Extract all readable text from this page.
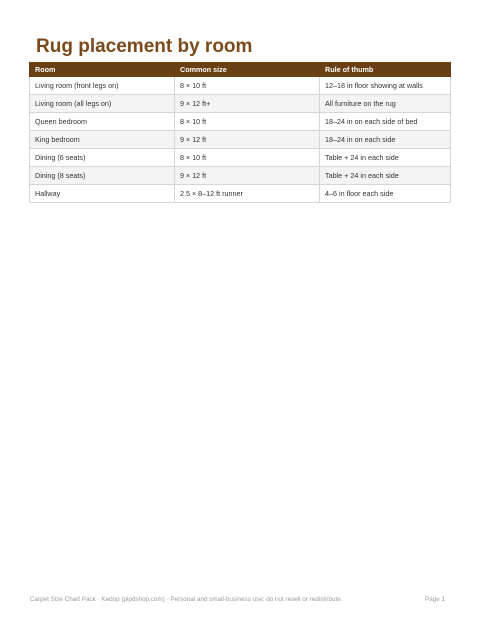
Rug placement by room
Room	Common size	Rule of thumb
Living room (front legs on)	8 × 10 ft	12–18 in floor showing at walls
Living room (all legs on)	9 × 12 ft+	All furniture on the rug
Queen bedroom	8 × 10 ft	18–24 in on each side of bed
King bedroom	9 × 12 ft	18–24 in on each side
Dining (6 seats)	8 × 10 ft	Table + 24 in each side
Dining (8 seats)	9 × 12 ft	Table + 24 in each side
Hallway	2.5 × 8–12 ft runner	4–6 in floor each side
Carpet Size Chart Pack · Kedop (pipdshop.com) · Personal and small-business use; do not resell or redistribute.	Page 1
